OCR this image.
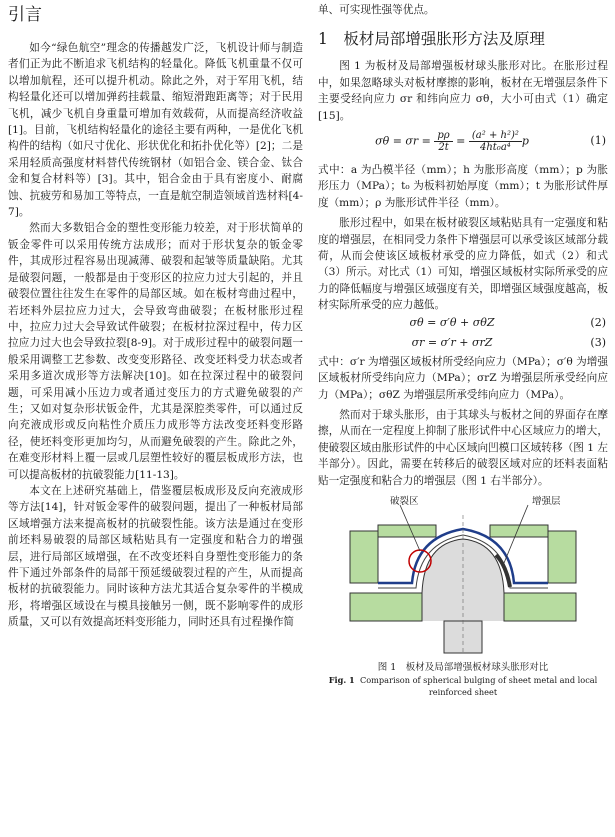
引言

如今“绿色航空”理念的传播越发广泛，飞机设计师与制造者们正为此不断追求飞机结构的轻量化。降低飞机重量不仅可以增加航程，还可以提升机动。除此之外，对于军用飞机，结构轻量化还可以增加弹药挂载量、缩短滑跑距离等；对于民用飞机，减少飞机自身重量可增加有效载荷，从而提高经济收益[1]。目前，飞机结构轻量化的途径主要有两种，一是优化飞机构件的结构（如尺寸优化、形状优化和拓扑优化等）[2]；二是采用轻质高强度材料替代传统钢材（如铝合金、镁合金、钛合金和复合材料等）[3]。其中，铝合金由于具有密度小、耐腐蚀、抗疲劳和易加工等特点，一直是航空制造领域首选材料[4-7]。

然而大多数铝合金的塑性变形能力较差，对于形状简单的钣金零件可以采用传统方法成形；而对于形状复杂的钣金零件，其成形过程容易出现减薄、破裂和起皱等质量缺陷。尤其是破裂问题，一般都是由于变形区的拉应力过大引起的，并且破裂位置往往发生在零件的局部区域。如在板材弯曲过程中，若坯料外层拉应力过大，会导致弯曲破裂；在板材胀形过程中，拉应力过大会导致试件破裂；在板材拉深过程中，传力区拉应力过大也会导致拉裂[8-9]。对于成形过程中的破裂问题一般采用调整工艺参数、改变变形路径、改变坯料受力状态或者采用多道次成形等方法解决[10]。如在拉深过程中的破裂问题，可采用减小压边力或者通过变压力的方式避免破裂的产生；又如对复杂形状钣金件，尤其是深腔类零件，可以通过反向充液成形或反向粘性介质压力成形等方法改变坯料变形路径，使坯料变形更加均匀，从而避免破裂的产生。除此之外，在难变形材料上覆一层或几层塑性较好的覆层板成形方法，也可以提高板材的抗破裂能力[11-13]。

本文在上述研究基础上，借鉴覆层板成形及反向充液成形等方法[14]，针对钣金零件的破裂问题，提出了一种板材局部区域增强方法来提高板材的抗破裂性能。该方法是通过在变形前坯料易破裂的局部区域粘贴具有一定强度和粘合力的增强层，进行局部区域增强，在不改变坯料自身塑性变形能力的条件下通过外部条件的局部干预延缓破裂过程的产生，从而提高板材的抗破裂能力。同时该种方法尤其适合复杂零件的半模成形，将增强区域设在与模具接触另一侧，既不影响零件的成形质量，又可以有效提高坯料变形能力，同时还具有过程操作简

单、可实现性强等优点。

1　板材局部增强胀形方法及原理

图 1 为板材及局部增强板材球头胀形对比。在胀形过程中，如果忽略球头对板材摩擦的影响，板材在无增强层条件下主要受经向应力 σr 和纬向应力 σθ，大小可由式（1）确定[15]。

$\sigma\theta = \sigma r = \frac{p\rho}{2t} = \frac{\text{(a² + h²)²}}{\text{4ht₀a⁴}}$ p	(1)

式中：a 为凸模半径（mm）；h 为胀形高度（mm）；p 为胀形压力（MPa）；t₀ 为板料初始厚度（mm）；t 为胀形试件厚度（mm）；ρ 为胀形试件半径（mm）。

胀形过程中，如果在板材破裂区域粘贴具有一定强度和粘度的增强层，在相同受力条件下增强层可以承受该区域部分载荷，从而会使该区域板材承受的应力降低，如式（2）和式（3）所示。对比式（1）可知，增强区域板材实际所承受的应力的降低幅度与增强区域强度有关，即增强区域强度越高，板材实际所承受的应力越低。

σθ = σ′θ + σθZ	(2)
σr = σ′r + σrZ	(3)

式中：σ′r 为增强区域板材所受经向应力（MPa）；σ′θ 为增强区域板材所受纬向应力（MPa）；σrZ 为增强层所承受经向应力（MPa）；σθZ 为增强层所承受纬向应力（MPa）。

然而对于球头胀形，由于其球头与板材之间的界面存在摩擦，从而在一定程度上抑制了胀形试件中心区域应力的增大，使破裂区域由胀形试件的中心区域向凹模口区域转移（图 1 左半部分）。因此，需要在转移后的破裂区域对应的坯料表面粘贴一定强度和粘合力的增强层（图 1 右半部分）。

破裂区	增强层
图 1　板材及局部增强板材球头胀形对比
Fig. 1 Comparison of spherical bulging of sheet metal and local reinforced sheet
